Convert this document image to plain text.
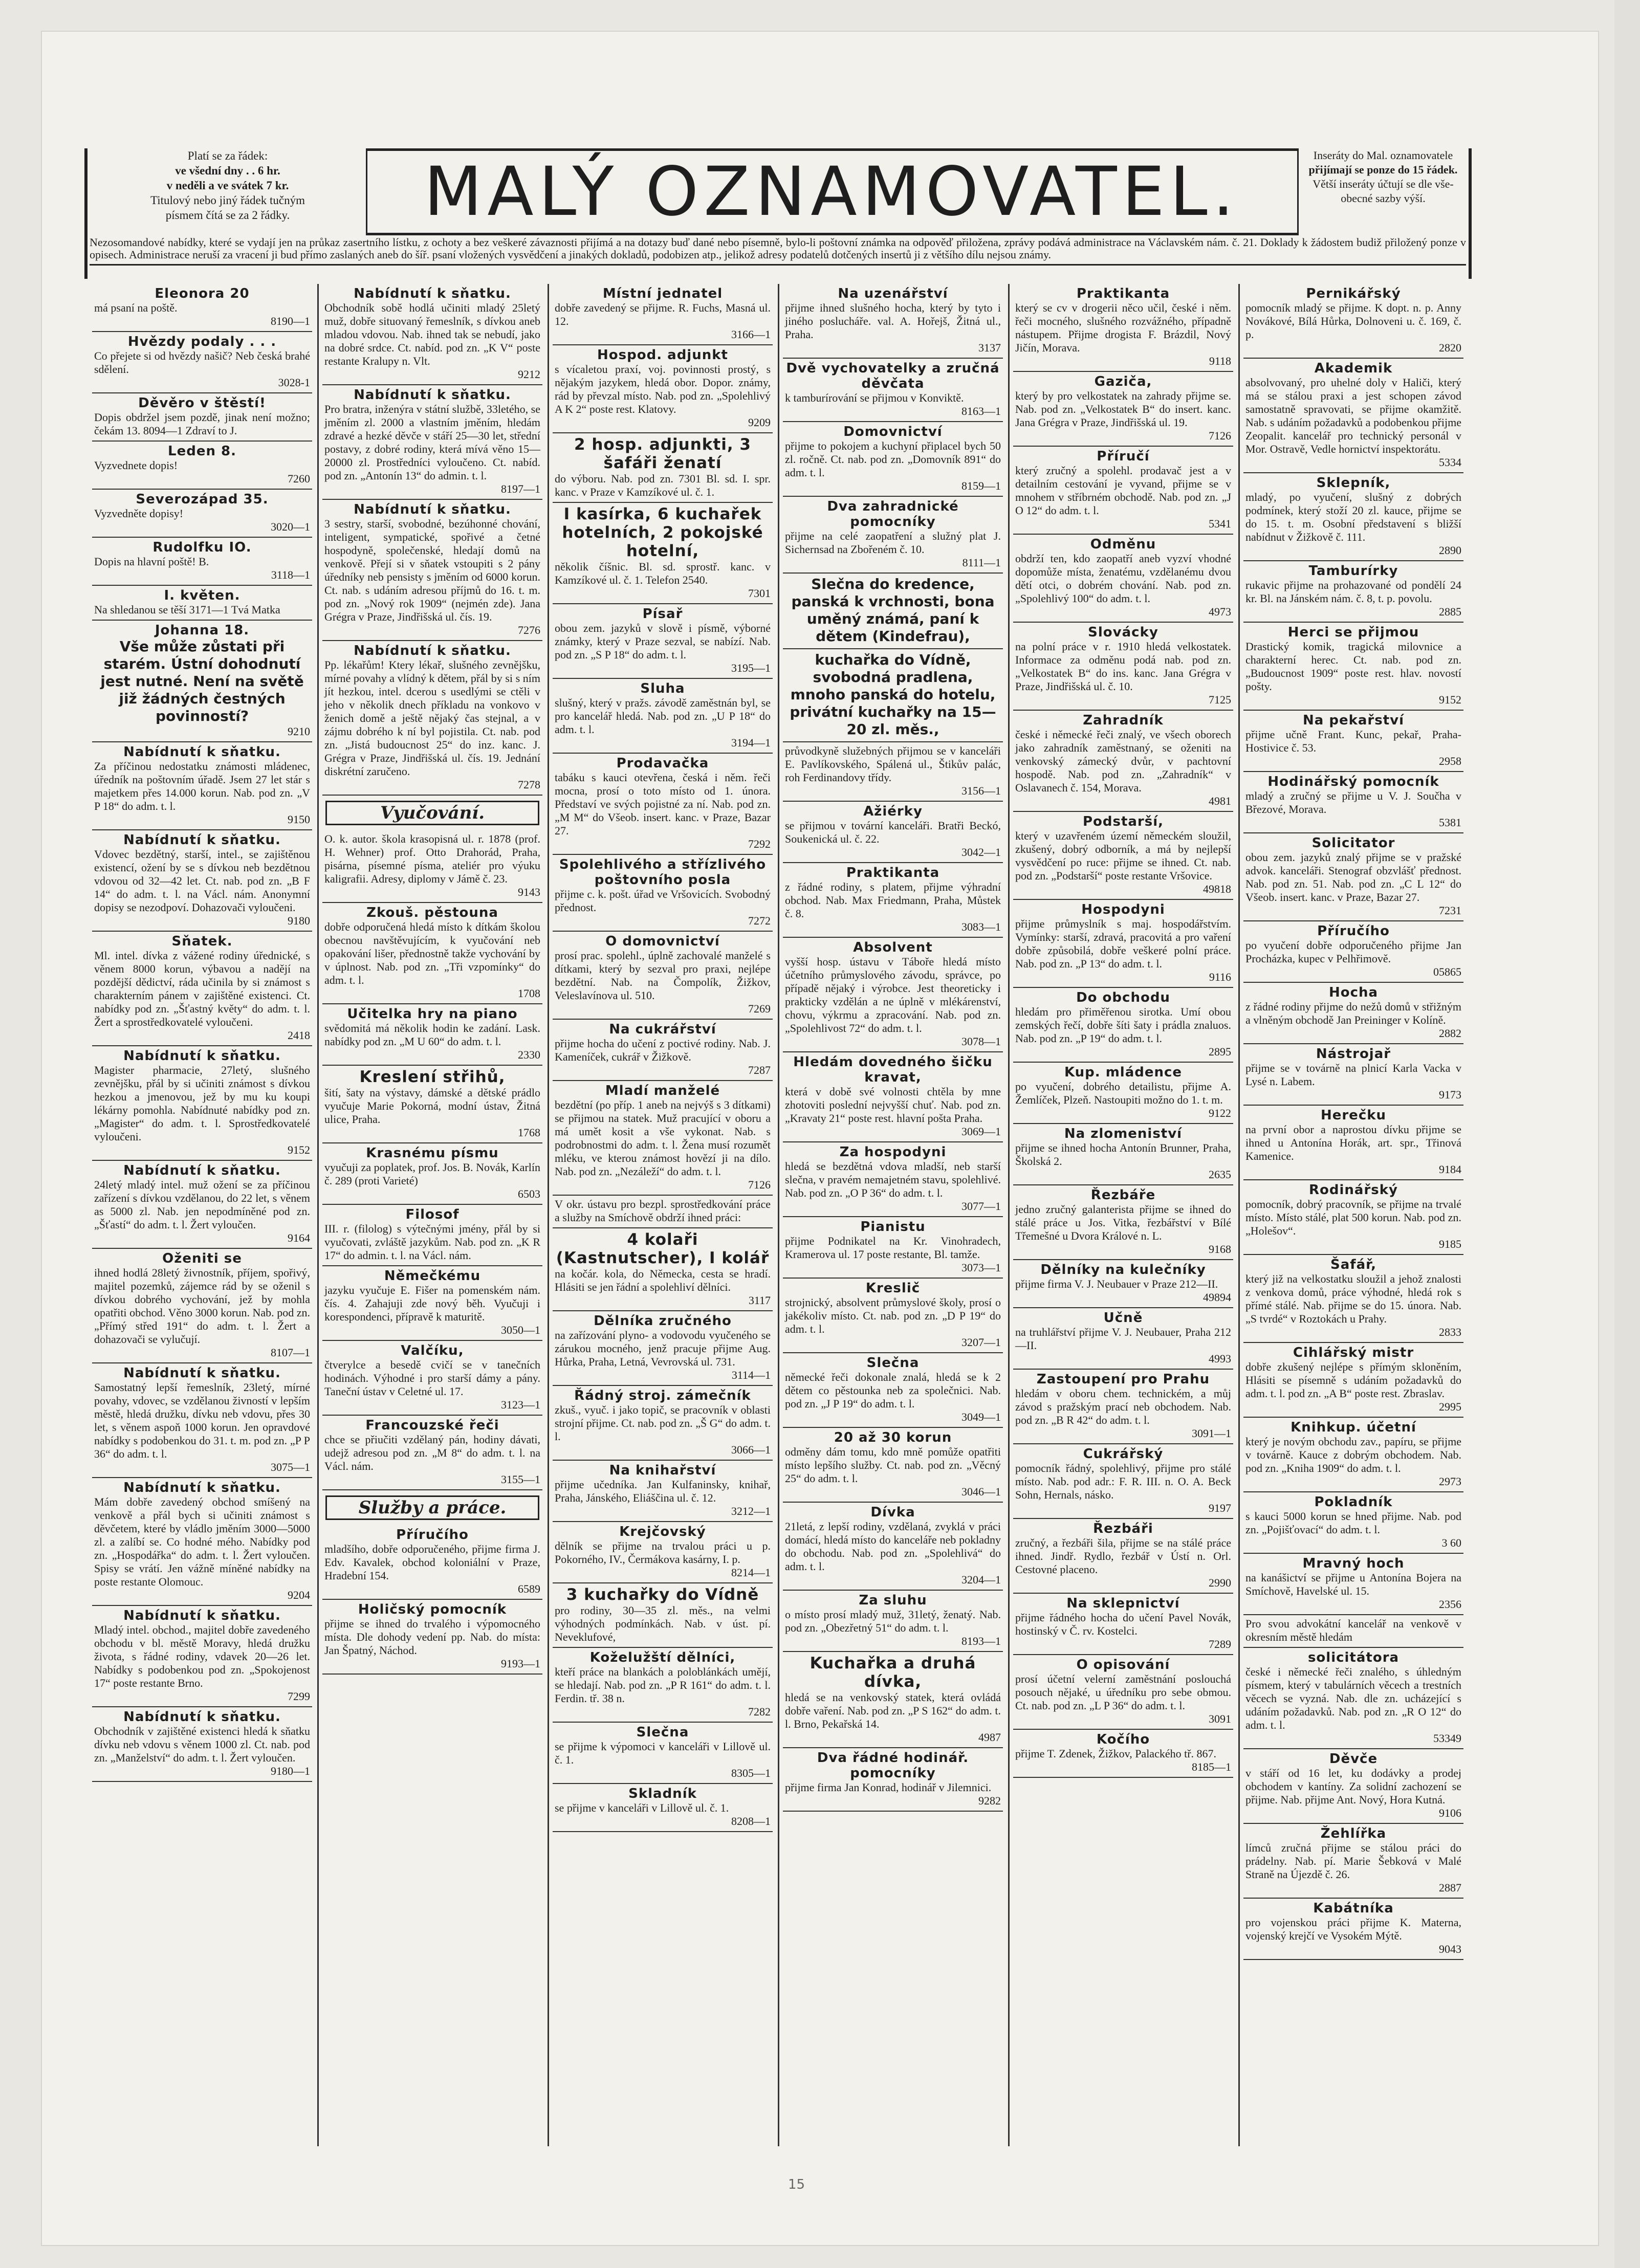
Platí se za řádek:
ve všední dny . . 6 hr.
v neděli a ve svátek 7 kr.
Titulový nebo jiný řádek tučným
písmem čítá se za 2 řádky.	MALÝ OZNAMOVATEL.	Inseráty do Mal. oznamovatele
přijímají se ponze do 15 řádek.
Větší inseráty účtují se dle vše-
obecné sazby výší.
Nezosomandové nabídky, které se vydají jen na průkaz zasertního lístku, z ochoty a bez veškeré závaznosti přijímá a na dotazy buď dané nebo písemně, bylo-li poštovní známka na odpověď přiložena, zprávy podává administrace na Václavském nám. č. 21. Doklady k žádostem budiž přiložený ponze v opisech. Administrace neruší za vracení ji bud přímo zaslaných aneb do šíř. psaní vložených vysvědčení a jinakých dokladů, podobizen atp., jelikož adresy podatelů dotčených insertů ji z většího dílu nejsou známy.
Eleonora 20
má psaní na poště.
8190—1
Hvězdy podaly . . .
Co přejete si od hvězdy našič? Neb česká brahé sdělení.
3028-1
Děvěro v štěstí!
Dopis obdržel jsem pozdě, jinak není možno; čekám 13. 8094—1 Zdraví to J.
Leden 8.
Vyzvednete dopis!
7260
Severozápad 35.
Vyzvedněte dopisy!
3020—1
Rudolfku IO.
Dopis na hlavní poště! B.
3118—1
I. květen.
Na shledanou se těší 3171—1 Tvá Matka
Johanna 18.
Vše může zůstati při starém. Ústní dohodnutí jest nutné. Není na světě již žádných čestných povinností?
9210
Nabídnutí k sňatku.
Za příčinou nedostatku známosti mládenec, úředník na poštovním úřadě. Jsem 27 let stár s majetkem přes 14.000 korun. Nab. pod zn. „V P 18“ do adm. t. l.
9150
Nabídnutí k sňatku.
Vdovec bezdětný, starší, intel., se zajištěnou existencí, ožení by se s dívkou neb bezdětnou vdovou od 32—42 let. Ct. nab. pod zn. „B F 14“ do adm. t. l. na Václ. nám. Anonymní dopisy se nezodpoví. Dohazovači vyloučeni.
9180
Sňatek.
Ml. intel. dívka z vážené rodiny úřednické, s věnem 8000 korun, výbavou a nadějí na pozdější dědictví, ráda učinila by si známost s charakterním pánem v zajištěné existenci. Ct. nabídky pod zn. „Šťastný květy“ do adm. t. l. Žert a sprostředkovatelé vyloučeni.
2418
Nabídnutí k sňatku.
Magister pharmacie, 27letý, slušného zevnějšku, přál by si učiniti známost s dívkou hezkou a jmenovou, jež by mu ku koupi lékárny pomohla. Nabídnuté nabídky pod zn. „Magister“ do adm. t. l. Sprostředkovatelé vyloučeni.
9152
Nabídnutí k sňatku.
24letý mladý intel. muž ožení se za příčinou zařízení s dívkou vzdělanou, do 22 let, s věnem as 5000 zl. Nab. jen nepodmíněné pod zn. „Šťastí“ do adm. t. l. Žert vyloučen.
9164
Oženiti se
ihned hodlá 28letý živnostník, příjem, spořivý, majitel pozemků, zájemce rád by se oženil s dívkou dobrého vychování, jež by mohla opatřiti obchod. Věno 3000 korun. Nab. pod zn. „Přímý střed 191“ do adm. t. l. Žert a dohazovači se vylučují.
8107—1
Nabídnutí k sňatku.
Samostatný lepší řemeslník, 23letý, mírné povahy, vdovec, se vzdělanou živností v lepším městě, hledá družku, dívku neb vdovu, přes 30 let, s věnem aspoň 1000 korun. Jen opravdové nabídky s podobenkou do 31. t. m. pod zn. „P P 36“ do adm. t. l.
3075—1
Nabídnutí k sňatku.
Mám dobře zavedený obchod smíšený na venkově a přál bych si učiniti známost s děvčetem, které by vládlo jměním 3000—5000 zl. a zalíbí se. Co hodné mého. Nabídky pod zn. „Hospodářka“ do adm. t. l. Žert vyloučen. Spisy se vrátí. Jen vážně míněné nabídky na poste restante Olomouc.
9204
Nabídnutí k sňatku.
Mladý intel. obchod., majitel dobře zavedeného obchodu v bl. městě Moravy, hledá družku života, s řádné rodiny, vdavek 20—26 let. Nabídky s podobenkou pod zn. „Spokojenost 17“ poste restante Brno.
7299
Nabídnutí k sňatku.
Obchodník v zajištěné existenci hledá k sňatku dívku neb vdovu s věnem 1000 zl. Ct. nab. pod zn. „Manželství“ do adm. t. l. Žert vyloučen.
9180—1
Nabídnutí k sňatku.
Obchodník sobě hodlá učiniti mladý 25letý muž, dobře situovaný řemeslník, s dívkou aneb mladou vdovou. Nab. ihned tak se nebudí, jako na dobré srdce. Ct. nabíd. pod zn. „K V“ poste restante Kralupy n. Vlt.
9212
Nabídnutí k sňatku.
Pro bratra, inženýra v státní službě, 33letého, se jměním zl. 2000 a vlastním jměním, hledám zdravé a hezké děvče v stáří 25—30 let, střední postavy, z dobré rodiny, která mívá věno 15—20000 zl. Prostředníci vyloučeno. Ct. nabíd. pod zn. „Antonín 13“ do admin. t. l.
8197—1
Nabídnutí k sňatku.
3 sestry, starší, svobodné, bezúhonné chování, inteligent, sympatické, spořivé a četné hospodyně, společenské, hledají domů na venkově. Přejí si v sňatek vstoupiti s 2 pány úředníky neb pensisty s jměním od 6000 korun. Ct. nab. s udáním adresou příjmů do 16. t. m. pod zn. „Nový rok 1909“ (nejmén zde). Jana Grégra v Praze, Jindřišská ul. čís. 19.
7276
Nabídnutí k sňatku.
Pp. lékařům! Ktery lékař, slušného zevnějšku, mírné povahy a vlídný k dětem, přál by si s ním jít hezkou, intel. dcerou s usedlými se ctěli v jeho v několik dnech příkladu na vonkovo v ženich domě a ještě nějaký čas stejnal, a v zájmu dobrého k ní byl pojistila. Ct. nab. pod zn. „Jistá budoucnost 25“ do inz. kanc. J. Grégra v Praze, Jindřišská ul. čís. 19. Jednání diskrétní zaručeno.
7278
Vyučování.
O. k. autor. škola krasopisná ul. r. 1878 (prof. H. Wehner) prof. Otto Drahorád, Praha, pisárna, písemné písma, ateliér pro výuku kaligrafii. Adresy, diplomy v Jámě č. 23.
9143
Zkouš. pěstouna
dobře odporučená hledá místo k dítkám školou obecnou navštěvujícím, k vyučování neb opakování lišer, přednostně takže vychování by v úplnost. Nab. pod zn. „Tři vzpomínky“ do adm. t. l.
1708
Učitelka hry na piano
svědomitá má několik hodin ke zadání. Lask. nabídky pod zn. „M U 60“ do adm. t. l.
2330
Kreslení střihů,
šití, šaty na výstavy, dámské a dětské prádlo vyučuje Marie Pokorná, modní ústav, Žitná ulice, Praha.
1768
Krasnému písmu
vyučuji za poplatek, prof. Jos. B. Novák, Karlín č. 289 (proti Varieté)
6503
Filosof
III. r. (filolog) s výtečnými jmény, přál by si vyučovati, zvláště jazykům. Nab. pod zn. „K R 17“ do admin. t. l. na Václ. nám.
Němečkému
jazyku vyučuje E. Fišer na pomenském nám. čís. 4. Zahajuji zde nový běh. Vyučuji i korespondenci, přípravě k maturitě.
3050—1
Valčíku,
čtverylce a besedě cvičí se v tanečních hodinách. Výhodné i pro starší dámy a pány. Taneční ústav v Celetné ul. 17.
3123—1
Francouzské řeči
chce se přiučiti vzdělaný pán, hodiny dávati, udejž adresou pod zn. „M 8“ do adm. t. l. na Václ. nám.
3155—1
Služby a práce.
Příručího
mladšího, dobře odporučeného, přijme firma J. Edv. Kavalek, obchod koloniální v Praze, Hradební 154.
6589
Holičský pomocník
přijme se ihned do trvalého i výpomocného místa. Dle dohody vedení pp. Nab. do místa: Jan Špatný, Náchod.
9193—1
Místní jednatel
dobře zavedený se přijme. R. Fuchs, Masná ul. 12.
3166—1
Hospod. adjunkt
s vícaletou praxí, voj. povinnosti prostý, s nějakým jazykem, hledá obor. Dopor. známy, rád by převzal místo. Nab. pod zn. „Spolehlivý A K 2“ poste rest. Klatovy.
9209
2 hosp. adjunkti, 3 šafáři ženatí
do výboru. Nab. pod zn. 7301 Bl. sd. I. spr. kanc. v Praze v Kamzíkové ul. č. 1.
I kasírka, 6 kuchařek hotelních, 2 pokojské hotelní,
několik číšnic. Bl. sd. sprostř. kanc. v Kamzíkové ul. č. 1. Telefon 2540.
7301
Písař
obou zem. jazyků v slově i písmě, výborné známky, který v Praze sezval, se nabízí. Nab. pod zn. „S P 18“ do adm. t. l.
3195—1
Sluha
slušný, který v pražs. závodě zaměstnán byl, se pro kancelář hledá. Nab. pod zn. „U P 18“ do adm. t. l.
3194—1
Prodavačka
tabáku s kauci otevřena, česká i něm. řeči mocna, prosí o toto místo od 1. února. Představí ve svých pojistné za ní. Nab. pod zn. „M M“ do Všeob. insert. kanc. v Praze, Bazar 27.
7292
Spolehlivého a střízlivého poštovního posla
přijme c. k. pošt. úřad ve Vršovicích. Svobodný přednost.
7272
O domovnictví
prosí prac. spolehl., úplně zachovalé manželé s dítkami, který by sezval pro praxi, nejlépe bezdětní. Nab. na Čompolík, Žižkov, Veleslavínova ul. 510.
7269
Na cukrářství
přijme hocha do učení z poctivé rodiny. Nab. J. Kameníček, cukrář v Žižkově.
7287
Mladí manželé
bezdětní (po příp. 1 aneb na nejvýš s 3 dítkami) se přijmou na statek. Muž pracující v oboru a má umět kosit a vše vykonat. Nab. s podrobnostmi do adm. t. l. Žena musí rozumět mléku, ve kterou známost hovězí ji na dílo. Nab. pod zn. „Nezáleží“ do adm. t. l.
7126
V okr. ústavu pro bezpl. sprostředkování práce a služby na Smíchově obdrží ihned práci:
4 kolaři (Kastnutscher), I kolář
na kočár. kola, do Německa, cesta se hradí. Hlásiti se jen řádní a spolehliví dělníci.
3117
Dělníka zručného
na zařízování plyno- a vodovodu vyučeného se zárukou mocného, jenž pracuje přijme Aug. Hůrka, Praha, Letná, Vevrovská ul. 731.
3114—1
Řádný stroj. zámečník
zkuš., vyuč. i jako topič, se pracovník v oblasti strojní přijme. Ct. nab. pod zn. „Š G“ do adm. t. l.
3066—1
Na knihařství
přijme učedníka. Jan Kulfaninsky, knihař, Praha, Jánského, Eliáščina ul. č. 12.
3212—1
Krejčovský
dělník se přijme na trvalou práci u p. Pokorného, IV., Čermákova kasárny, I. p.
8214—1
3 kuchařky do Vídně
pro rodiny, 30—35 zl. měs., na velmi výhodných podmínkách. Nab. v úst. pí. Neveklufové,
Koželužští dělníci,
kteří práce na blankách a poloblánkách umějí, se hledají. Nab. pod zn. „P R 161“ do adm. t. l. Ferdin. tř. 38 n.
7282
Slečna
se přijme k výpomoci v kanceláři v Lillově ul. č. 1.
8305—1
Skladník
se přijme v kanceláři v Lillově ul. č. 1.
8208—1
Na uzenářství
přijme ihned slušného hocha, který by tyto i jiného poslucháře. val. A. Hořejš, Žitná ul., Praha.
3137
Dvě vychovatelky a zručná děvčata
k tamburírování se přijmou v Konviktě.
8163—1
Domovnictví
přijme to pokojem a kuchyní připlacel bych 50 zl. ročně. Ct. nab. pod zn. „Domovník 891“ do adm. t. l.
8159—1
Dva zahradnické pomocníky
přijme na celé zaopatření a služný plat J. Sichernsad na Zbořeném č. 10.
8111—1
Slečna do kredence, panská k vrchnosti, bona uměný známá, paní k dětem (Kindefrau),
kuchařka do Vídně, svobodná pradlena, mnoho panská do hotelu, privátní kuchařky na 15—20 zl. měs.,
průvodkyně služebných přijmou se v kanceláři E. Pavlíkovského, Spálená ul., Štikův palác, roh Ferdinandovy třídy.
3156—1
Ažiérky
se přijmou v tovární kanceláři. Bratři Beckó, Soukenická ul. č. 22.
3042—1
Praktikanta
z řádné rodiny, s platem, přijme výhradní obchod. Nab. Max Friedmann, Praha, Můstek č. 8.
3083—1
Absolvent
vyšší hosp. ústavu v Táboře hledá místo účetního průmyslového závodu, správce, po případě nějaký i výrobce. Jest theoreticky i prakticky vzdělán a ne úplně v mlékárenství, chovu, výkrmu a zpracování. Nab. pod zn. „Spolehlivost 72“ do adm. t. l.
3078—1
Hledám dovedného šičku kravat,
která v době své volnosti chtěla by mne zhotoviti poslední nejvyšší chuť. Nab. pod zn. „Kravaty 21“ poste rest. hlavní pošta Praha.
3069—1
Za hospodyni
hledá se bezdětná vdova mladší, neb starší slečna, v pravém nemajetném stavu, spolehlivé. Nab. pod zn. „O P 36“ do adm. t. l.
3077—1
Pianistu
přijme Podnikatel na Kr. Vinohradech, Kramerova ul. 17 poste restante, Bl. tamže.
3073—1
Kreslič
strojnický, absolvent průmyslové školy, prosí o jakékoliv místo. Ct. nab. pod zn. „D P 19“ do adm. t. l.
3207—1
Slečna
německé řeči dokonale znalá, hledá se k 2 dětem co pěstounka neb za společnici. Nab. pod zn. „J P 19“ do adm. t. l.
3049—1
20 až 30 korun
odměny dám tomu, kdo mně pomůže opatřiti místo lepšího služby. Ct. nab. pod zn. „Věcný 25“ do adm. t. l.
3046—1
Dívka
21letá, z lepší rodiny, vzdělaná, zvyklá v práci domácí, hledá místo do kanceláře neb pokladny do obchodu. Nab. pod zn. „Spolehlivá“ do adm. t. l.
3204—1
Za sluhu
o místo prosí mladý muž, 31letý, ženatý. Nab. pod zn. „Obezřetný 51“ do adm. t. l.
8193—1
Kuchařka a druhá dívka,
hledá se na venkovský statek, která ovládá dobře vaření. Nab. pod zn. „P S 162“ do adm. t. l. Brno, Pekařská 14.
4987
Dva řádné hodinář. pomocníky
přijme firma Jan Konrad, hodinář v Jilemnici.
9282
Praktikanta
který se cv v drogerii něco učil, české i něm. řeči mocného, slušného rozvážného, případně nástupem. Přijme drogista F. Brázdil, Nový Jičín, Morava.
9118
Gaziča,
který by pro velkostatek na zahrady přijme se. Nab. pod zn. „Velkostatek B“ do insert. kanc. Jana Grégra v Praze, Jindřišská ul. 19.
7126
Příručí
který zručný a spolehl. prodavač jest a v detailním cestování je vyvand, přijme se v mnohem v stříbrném obchodě. Nab. pod zn. „J O 12“ do adm. t. l.
5341
Odměnu
obdrží ten, kdo zaopatří aneb vyzví vhodné dopomůže místa, ženatému, vzdělanému dvou dětí otci, o dobrém chování. Nab. pod zn. „Spolehlivý 100“ do adm. t. l.
4973
Slovácky
na polní práce v r. 1910 hledá velkostatek. Informace za odměnu podá nab. pod zn. „Velkostatek B“ do ins. kanc. Jana Grégra v Praze, Jindřišská ul. č. 10.
7125
Zahradník
české i německé řeči znalý, ve všech oborech jako zahradník zaměstnaný, se oženiti na venkovský zámecký dvůr, v pachtovní hospodě. Nab. pod zn. „Zahradník“ v Oslavanech č. 154, Morava.
4981
Podstarší,
který v uzavřeném území německém sloužil, zkušený, dobrý odborník, a má by nejlepší vysvědčení po ruce: přijme se ihned. Ct. nab. pod zn. „Podstarší“ poste restante Vršovice.
49818
Hospodyni
přijme průmyslník s maj. hospodářstvím. Vymínky: starší, zdravá, pracovitá a pro vaření dobře způsobilá, dobře veškeré polní práce. Nab. pod zn. „P 13“ do adm. t. l.
9116
Do obchodu
hledám pro přiměřenou sirotka. Umí obou zemských řečí, dobře šíti šaty i prádla znaluos. Nab. pod zn. „P 19“ do adm. t. l.
2895
Kup. mládence
po vyučení, dobrého detailistu, přijme A. Žemlíček, Plzeň. Nastoupiti možno do 1. t. m.
9122
Na zlomeniství
přijme se ihned hocha Antonín Brunner, Praha, Školská 2.
2635
Řezbáře
jedno zručný galanterista přijme se ihned do stálé práce u Jos. Vitka, řezbářství v Bílé Třemešné u Dvora Králové n. L.
9168
Dělníky na kulečníky
přijme firma V. J. Neubauer v Praze 212—II.
49894
Učně
na truhlářství přijme V. J. Neubauer, Praha 212—II.
4993
Zastoupení pro Prahu
hledám v oboru chem. technickém, a můj závod s pražským prací neb obchodem. Nab. pod zn. „B R 42“ do adm. t. l.
3091—1
Cukrářský
pomocník řádný, spolehlivý, přijme pro stálé místo. Nab. pod adr.: F. R. III. n. O. A. Beck Sohn, Hernals, násko.
9197
Řezbáři
zručný, a řezbáři šila, přijme se na stálé práce ihned. Jindř. Rydlo, řezbář v Ústí n. Orl. Cestovné placeno.
2990
Na sklepnictví
přijme řádného hocha do učení Pavel Novák, hostinský v Č. rv. Kostelci.
7289
O opisování
prosí účetní velerní zaměstnání poslouchá posouch nějaké, u úředníku pro sebe obmou. Ct. nab. pod zn. „L P 36“ do adm. t. l.
3091
Kočího
přijme T. Zdenek, Žižkov, Palackého tř. 867.
8185—1
Pernikářský
pomocník mladý se přijme. K dopt. n. p. Anny Novákové, Bílá Hůrka, Dolnoveni u. č. 169, č. p.
2820
Akademik
absolvovaný, pro uhelné doly v Haliči, který má se stálou praxi a jest schopen závod samostatně spravovati, se přijme okamžitě. Nab. s udáním požadavků a podobenkou přijme Zeopalit. kancelář pro technický personál v Mor. Ostravě, Vedle hornictví inspektorátu.
5334
Sklepník,
mladý, po vyučení, slušný z dobrých podmínek, který stoží 20 zl. kauce, přijme se do 15. t. m. Osobní představení s bližší nabídnut v Žižkově č. 111.
2890
Tamburírky
rukavic přijme na prohazované od pondělí 24 kr. Bl. na Jánském nám. č. 8, t. p. povolu.
2885
Herci se přijmou
Drastický komik, tragická milovnice a charakterní herec. Ct. nab. pod zn. „Budoucnost 1909“ poste rest. hlav. novostí pošty.
9152
Na pekařství
přijme učně Frant. Kunc, pekař, Praha-Hostivice č. 53.
2958
Hodinářský pomocník
mladý a zručný se přijme u V. J. Součha v Březové, Morava.
5381
Solicitator
obou zem. jazyků znalý přijme se v pražské advok. kanceláři. Stenograf obzvlášť přednost. Nab. pod zn. 51. Nab. pod zn. „C L 12“ do Všeob. insert. kanc. v Praze, Bazar 27.
7231
Příručího
po vyučení dobře odporučeného přijme Jan Procházka, kupec v Pelhřimově.
05865
Hocha
z řádné rodiny přijme do nežů domů v střižným a vlněným obchodě Jan Preininger v Kolíně.
2882
Nástrojař
přijme se v továrně na plnicí Karla Vacka v Lysé n. Labem.
9173
Herečku
na první obor a naprostou dívku přijme se ihned u Antonína Horák, art. spr., Třinová Kamenice.
9184
Rodinářský
pomocník, dobrý pracovník, se přijme na trvalé místo. Místo stálé, plat 500 korun. Nab. pod zn. „Holešov“.
9185
Šafář,
který již na velkostatku sloužil a jehož znalosti z venkova domů, práce výhodné, hledá rok s přímé stálé. Nab. přijme se do 15. února. Nab. „S tvrdé“ v Roztokách u Prahy.
2833
Cihlářský mistr
dobře zkušený nejlépe s přímým skloněním, Hlásiti se písemně s udáním požadavků do adm. t. l. pod zn. „A B“ poste rest. Zbraslav.
2995
Knihkup. účetní
který je novým obchodu zav., papíru, se přijme v továrně. Kauce z dobrým obchodem. Nab. pod zn. „Kniha 1909“ do adm. t. l.
2973
Pokladník
s kauci 5000 korun se hned přijme. Nab. pod zn. „Pojišťovací“ do adm. t. l.
3 60
Mravný hoch
na kanášictví se přijme u Antonína Bojera na Smíchově, Havelské ul. 15.
2356
Pro svou advokátní kancelář na venkově v okresním městě hledám
solicitátora
české i německé řeči znalého, s úhledným písmem, který v tabulárních věcech a trestních věcech se vyzná. Nab. dle zn. ucházející s udáním požadavků. Nab. pod zn. „R O 12“ do adm. t. l.
53349
Děvče
v stáří od 16 let, ku dodávky a prodej obchodem v kantíny. Za solidní zachození se přijme. Nab. přijme Ant. Nový, Hora Kutná.
9106
Žehlířka
límců zručná přijme se stálou práci do prádelny. Nab. pí. Marie Šebková v Malé Straně na Újezdě č. 26.
2887
Kabátníka
pro vojenskou práci přijme K. Materna, vojenský krejčí ve Vysokém Mýtě.
9043
15
